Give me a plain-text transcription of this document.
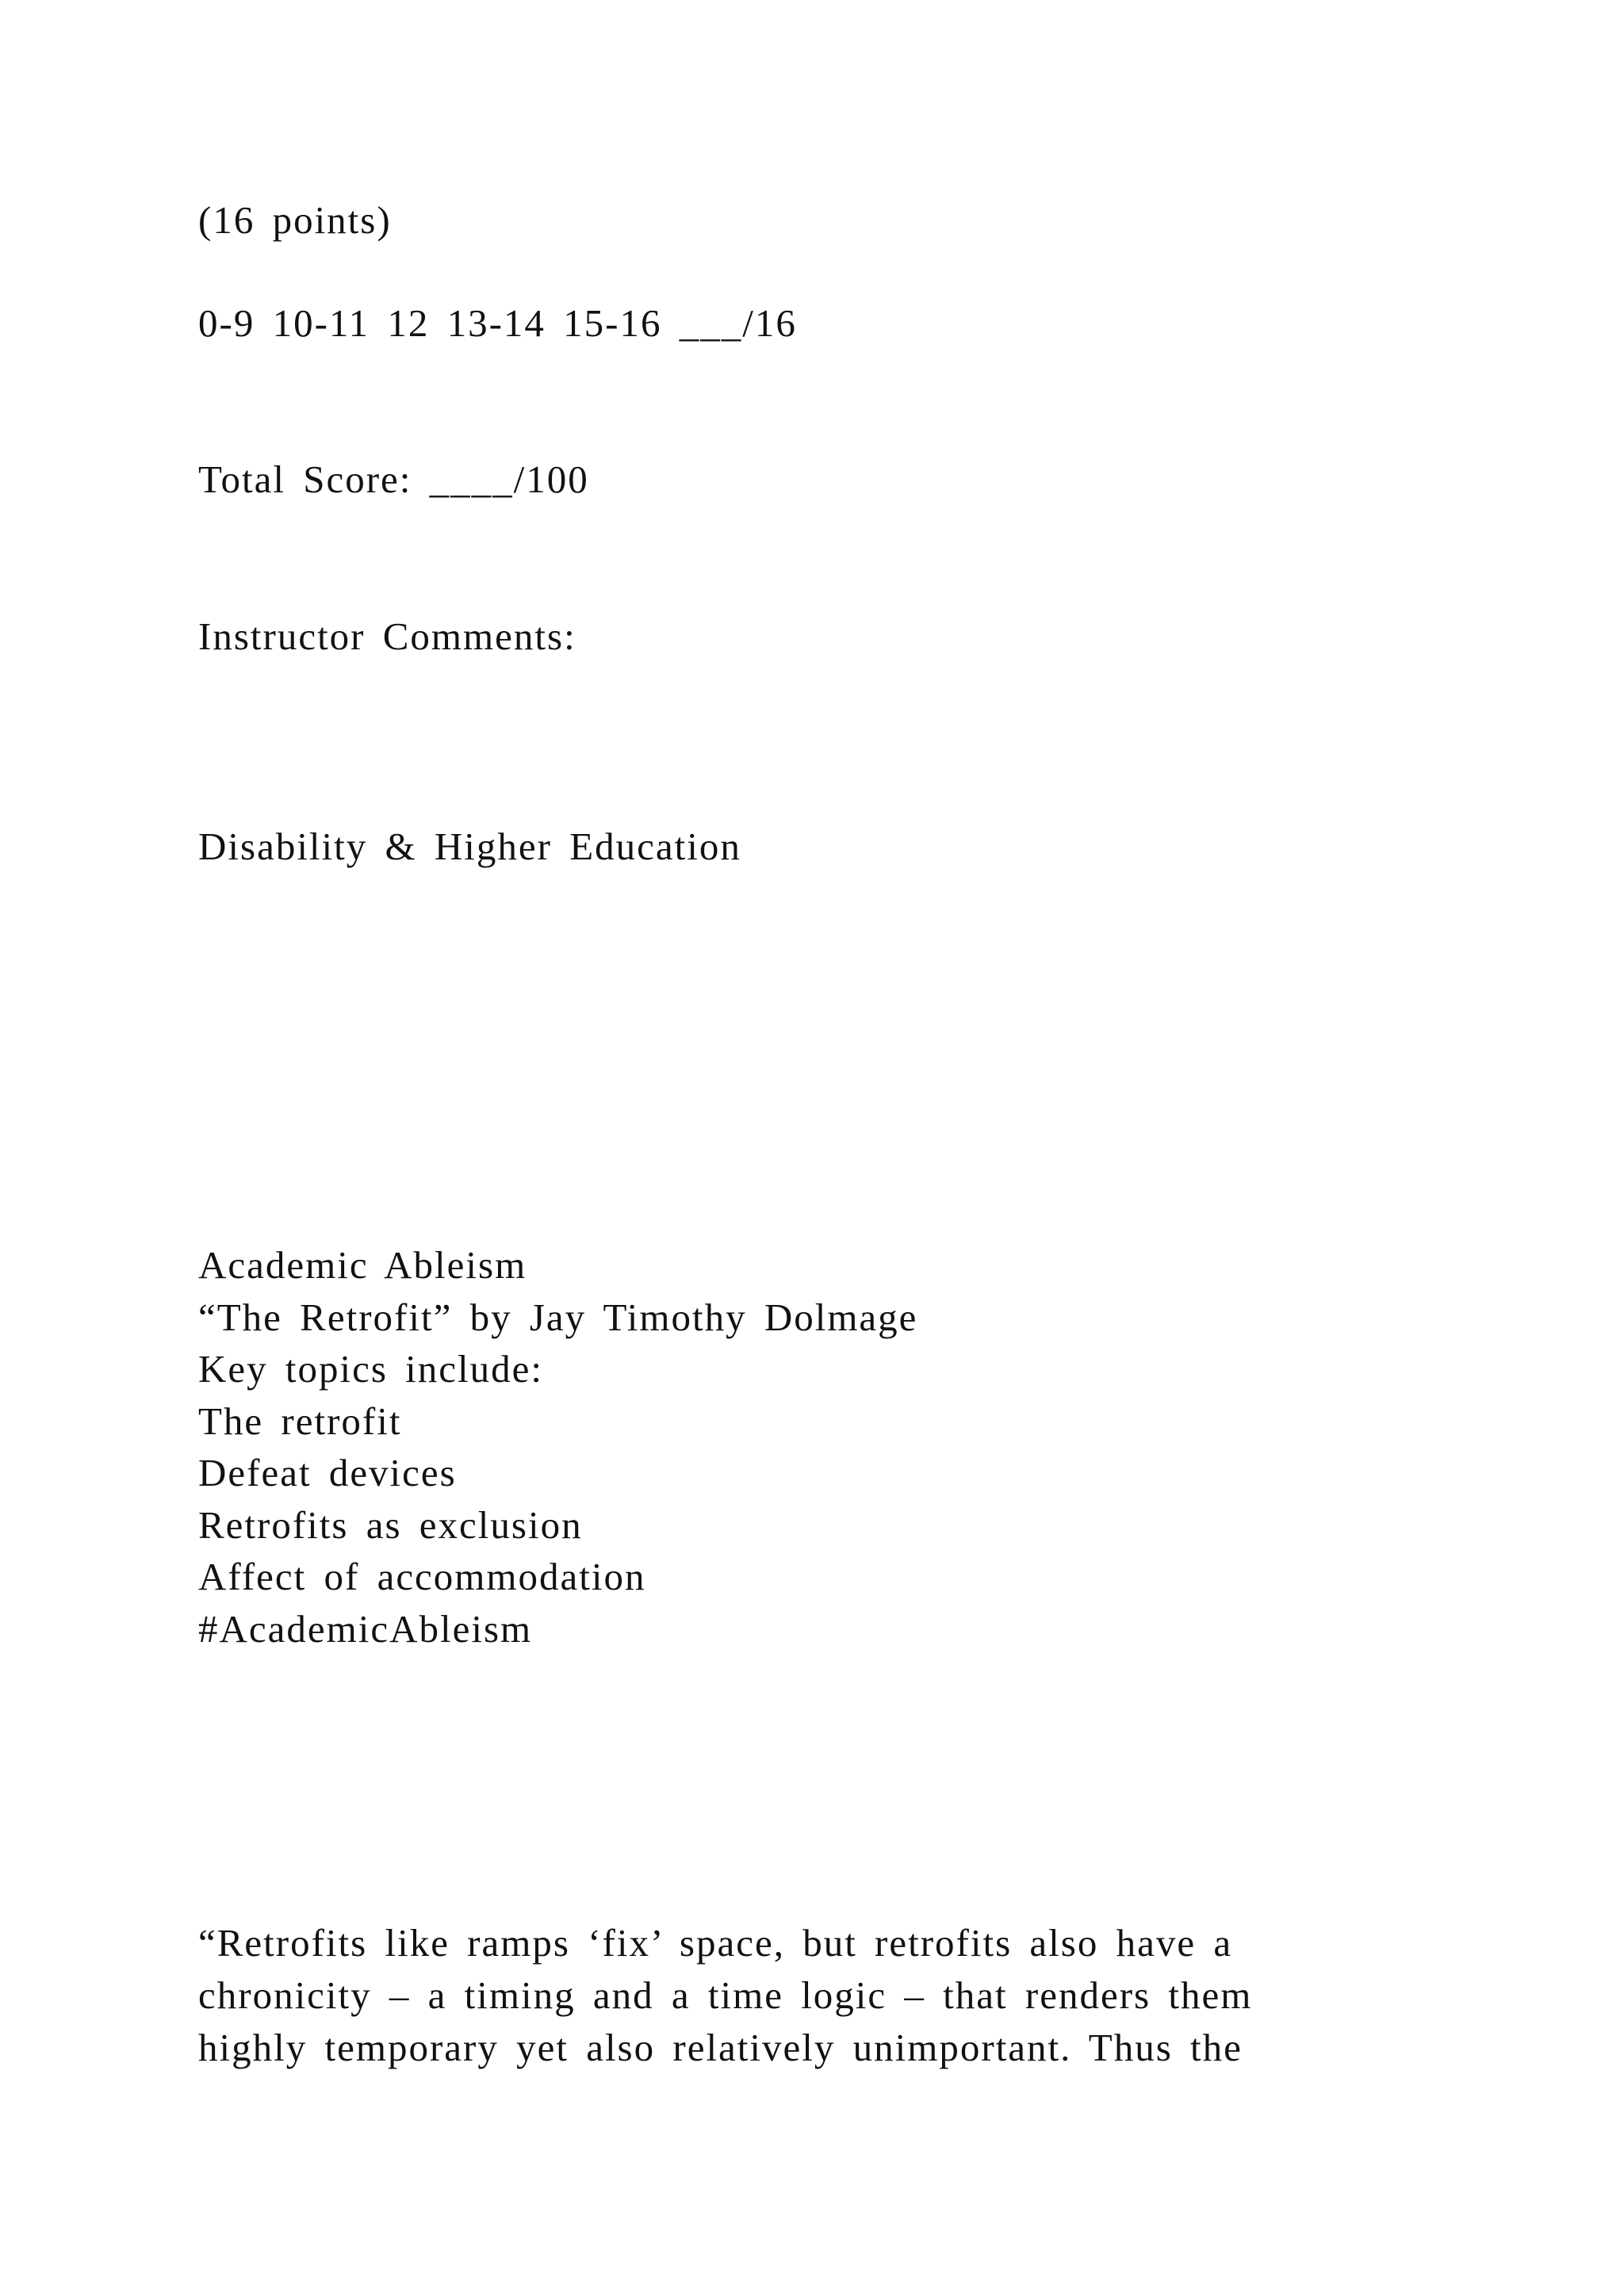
(16 points)
0-9 10-11 12 13-14 15-16 ___/16
Total Score: ____/100
Instructor Comments:
Disability & Higher Education
Academic Ableism
“The Retrofit” by Jay Timothy Dolmage
Key topics include:
The retrofit
Defeat devices
Retrofits as exclusion
Affect of accommodation
#AcademicAbleism
“Retrofits like ramps ‘fix’ space, but retrofits also have a
chronicity – a timing and a time logic – that renders them
highly temporary yet also relatively unimportant. Thus the
